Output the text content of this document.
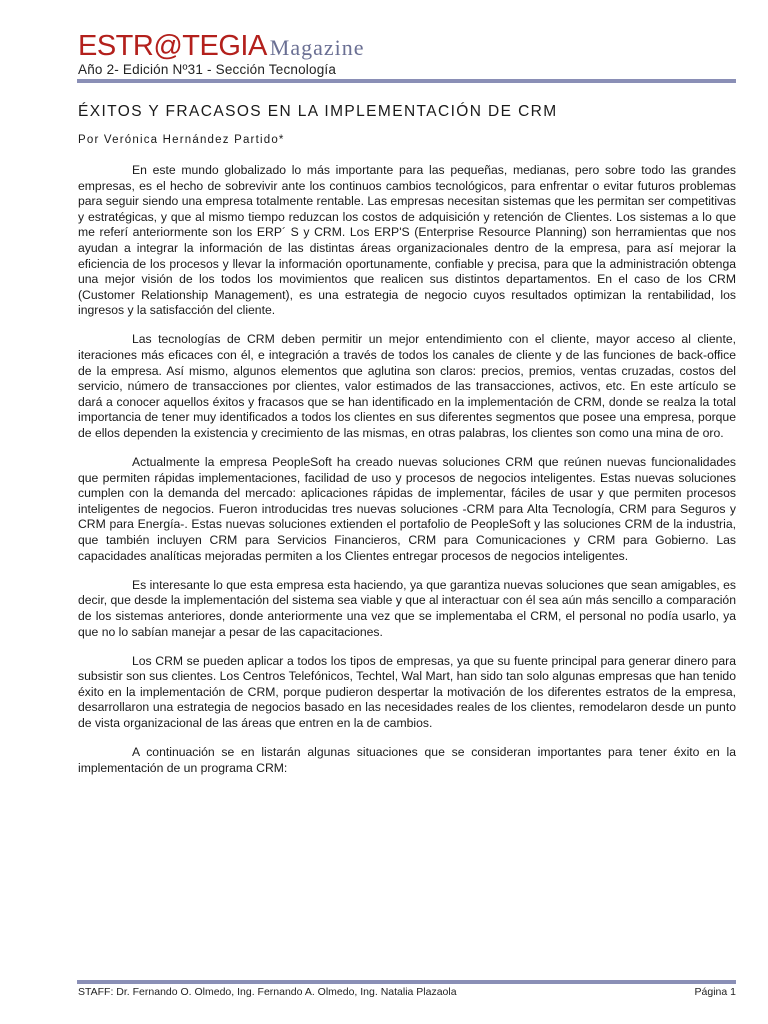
ESTR@TEGIA Magazine
Año 2- Edición Nº31 - Sección Tecnología
ÉXITOS Y FRACASOS EN LA IMPLEMENTACIÓN DE CRM

Por Verónica Hernández Partido*

En este mundo globalizado lo más importante para las pequeñas, medianas, pero sobre todo las grandes empresas, es el hecho de sobrevivir ante los continuos cambios tecnológicos, para enfrentar o evitar futuros problemas para seguir siendo una empresa totalmente rentable. Las empresas necesitan sistemas que les permitan ser competitivas y estratégicas, y que al mismo tiempo reduzcan los costos de adquisición y retención de Clientes. Los sistemas a lo que me referí anteriormente son los ERP´ S y CRM. Los ERP'S (Enterprise Resource Planning) son herramientas que nos ayudan a integrar la información de las distintas áreas organizacionales dentro de la empresa, para así mejorar la eficiencia de los procesos y llevar la información oportunamente, confiable y precisa, para que la administración obtenga una mejor visión de los todos los movimientos que realicen sus distintos departamentos. En el caso de los CRM (Customer Relationship Management), es una estrategia de negocio cuyos resultados optimizan la rentabilidad, los ingresos y la satisfacción del cliente.

Las tecnologías de CRM deben permitir un mejor entendimiento con el cliente, mayor acceso al cliente, iteraciones más eficaces con él, e integración a través de todos los canales de cliente y de las funciones de back-office de la empresa. Así mismo, algunos elementos que aglutina son claros: precios, premios, ventas cruzadas, costos del servicio, número de transacciones por clientes, valor estimados de las transacciones, activos, etc. En este artículo se dará a conocer aquellos éxitos y fracasos que se han identificado en la implementación de CRM, donde se realza la total importancia de tener muy identificados a todos los clientes en sus diferentes segmentos que posee una empresa, porque de ellos dependen la existencia y crecimiento de las mismas, en otras palabras, los clientes son como una mina de oro.

Actualmente la empresa PeopleSoft ha creado nuevas soluciones CRM que reúnen nuevas funcionalidades que permiten rápidas implementaciones, facilidad de uso y procesos de negocios inteligentes. Estas nuevas soluciones cumplen con la demanda del mercado: aplicaciones rápidas de implementar, fáciles de usar y que permiten procesos inteligentes de negocios. Fueron introducidas tres nuevas soluciones -CRM para Alta Tecnología, CRM para Seguros y CRM para Energía-. Estas nuevas soluciones extienden el portafolio de PeopleSoft y las soluciones CRM de la industria, que también incluyen CRM para Servicios Financieros, CRM para Comunicaciones y CRM para Gobierno. Las capacidades analíticas mejoradas permiten a los Clientes entregar procesos de negocios inteligentes.

Es interesante lo que esta empresa esta haciendo, ya que garantiza nuevas soluciones que sean amigables, es decir, que desde la implementación del sistema sea viable y que al interactuar con él sea aún más sencillo a comparación de los sistemas anteriores, donde anteriormente una vez que se implementaba el CRM, el personal no podía usarlo, ya que no lo sabían manejar a pesar de las capacitaciones.

Los CRM se pueden aplicar a todos los tipos de empresas, ya que su fuente principal para generar dinero para subsistir son sus clientes. Los Centros Telefónicos, Techtel, Wal Mart, han sido tan solo algunas empresas que han tenido éxito en la implementación de CRM, porque pudieron despertar la motivación de los diferentes estratos de la empresa, desarrollaron una estrategia de negocios basado en las necesidades reales de los clientes, remodelaron desde un punto de vista organizacional de las áreas que entren en la de cambios.

A continuación se en listarán algunas situaciones que se consideran importantes para tener éxito en la implementación de un programa CRM:

STAFF: Dr. Fernando O. Olmedo, Ing. Fernando A. Olmedo, Ing. Natalia Plazaola	Página 1
